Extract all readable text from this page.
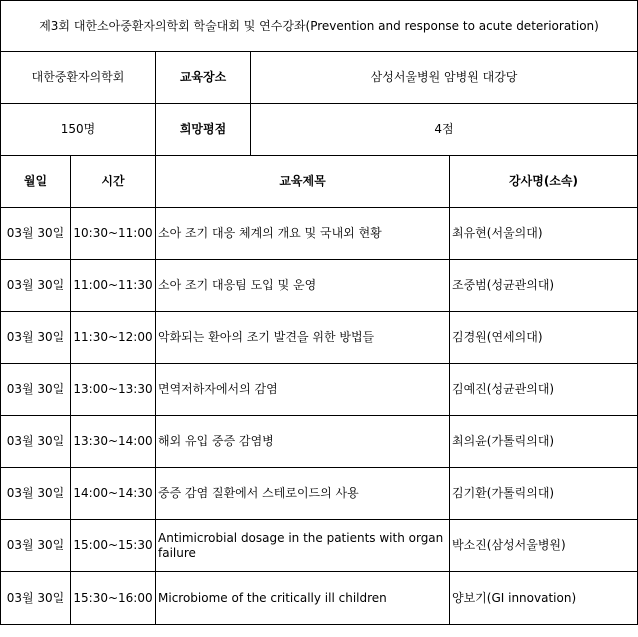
제3회 대한소아중환자의학회 학술대회 및 연수강좌(Prevention and response to acute deterioration)				
대한중환자의학회		교육장소	삼성서울병원 암병원 대강당	
150명		희망평점	4점	
월일	시간	교육제목		강사명(소속)
03월 30일	10:30~11:00	소아 조기 대응 체계의 개요 및 국내외 현황		최유현(서울의대)
03월 30일	11:00~11:30	소아 조기 대응팀 도입 및 운영		조중범(성균관의대)
03월 30일	11:30~12:00	악화되는 환아의 조기 발견을 위한 방법들		김경원(연세의대)
03월 30일	13:00~13:30	면역저하자에서의 감염		김예진(성균관의대)
03월 30일	13:30~14:00	해외 유입 중증 감염병		최의윤(가톨릭의대)
03월 30일	14:00~14:30	중증 감염 질환에서 스테로이드의 사용		김기환(가톨릭의대)
03월 30일	15:00~15:30	Antimicrobial dosage in the patients with organ failure		박소진(삼성서울병원)
03월 30일	15:30~16:00	Microbiome of the critically ill children		양보기(GI innovation)
